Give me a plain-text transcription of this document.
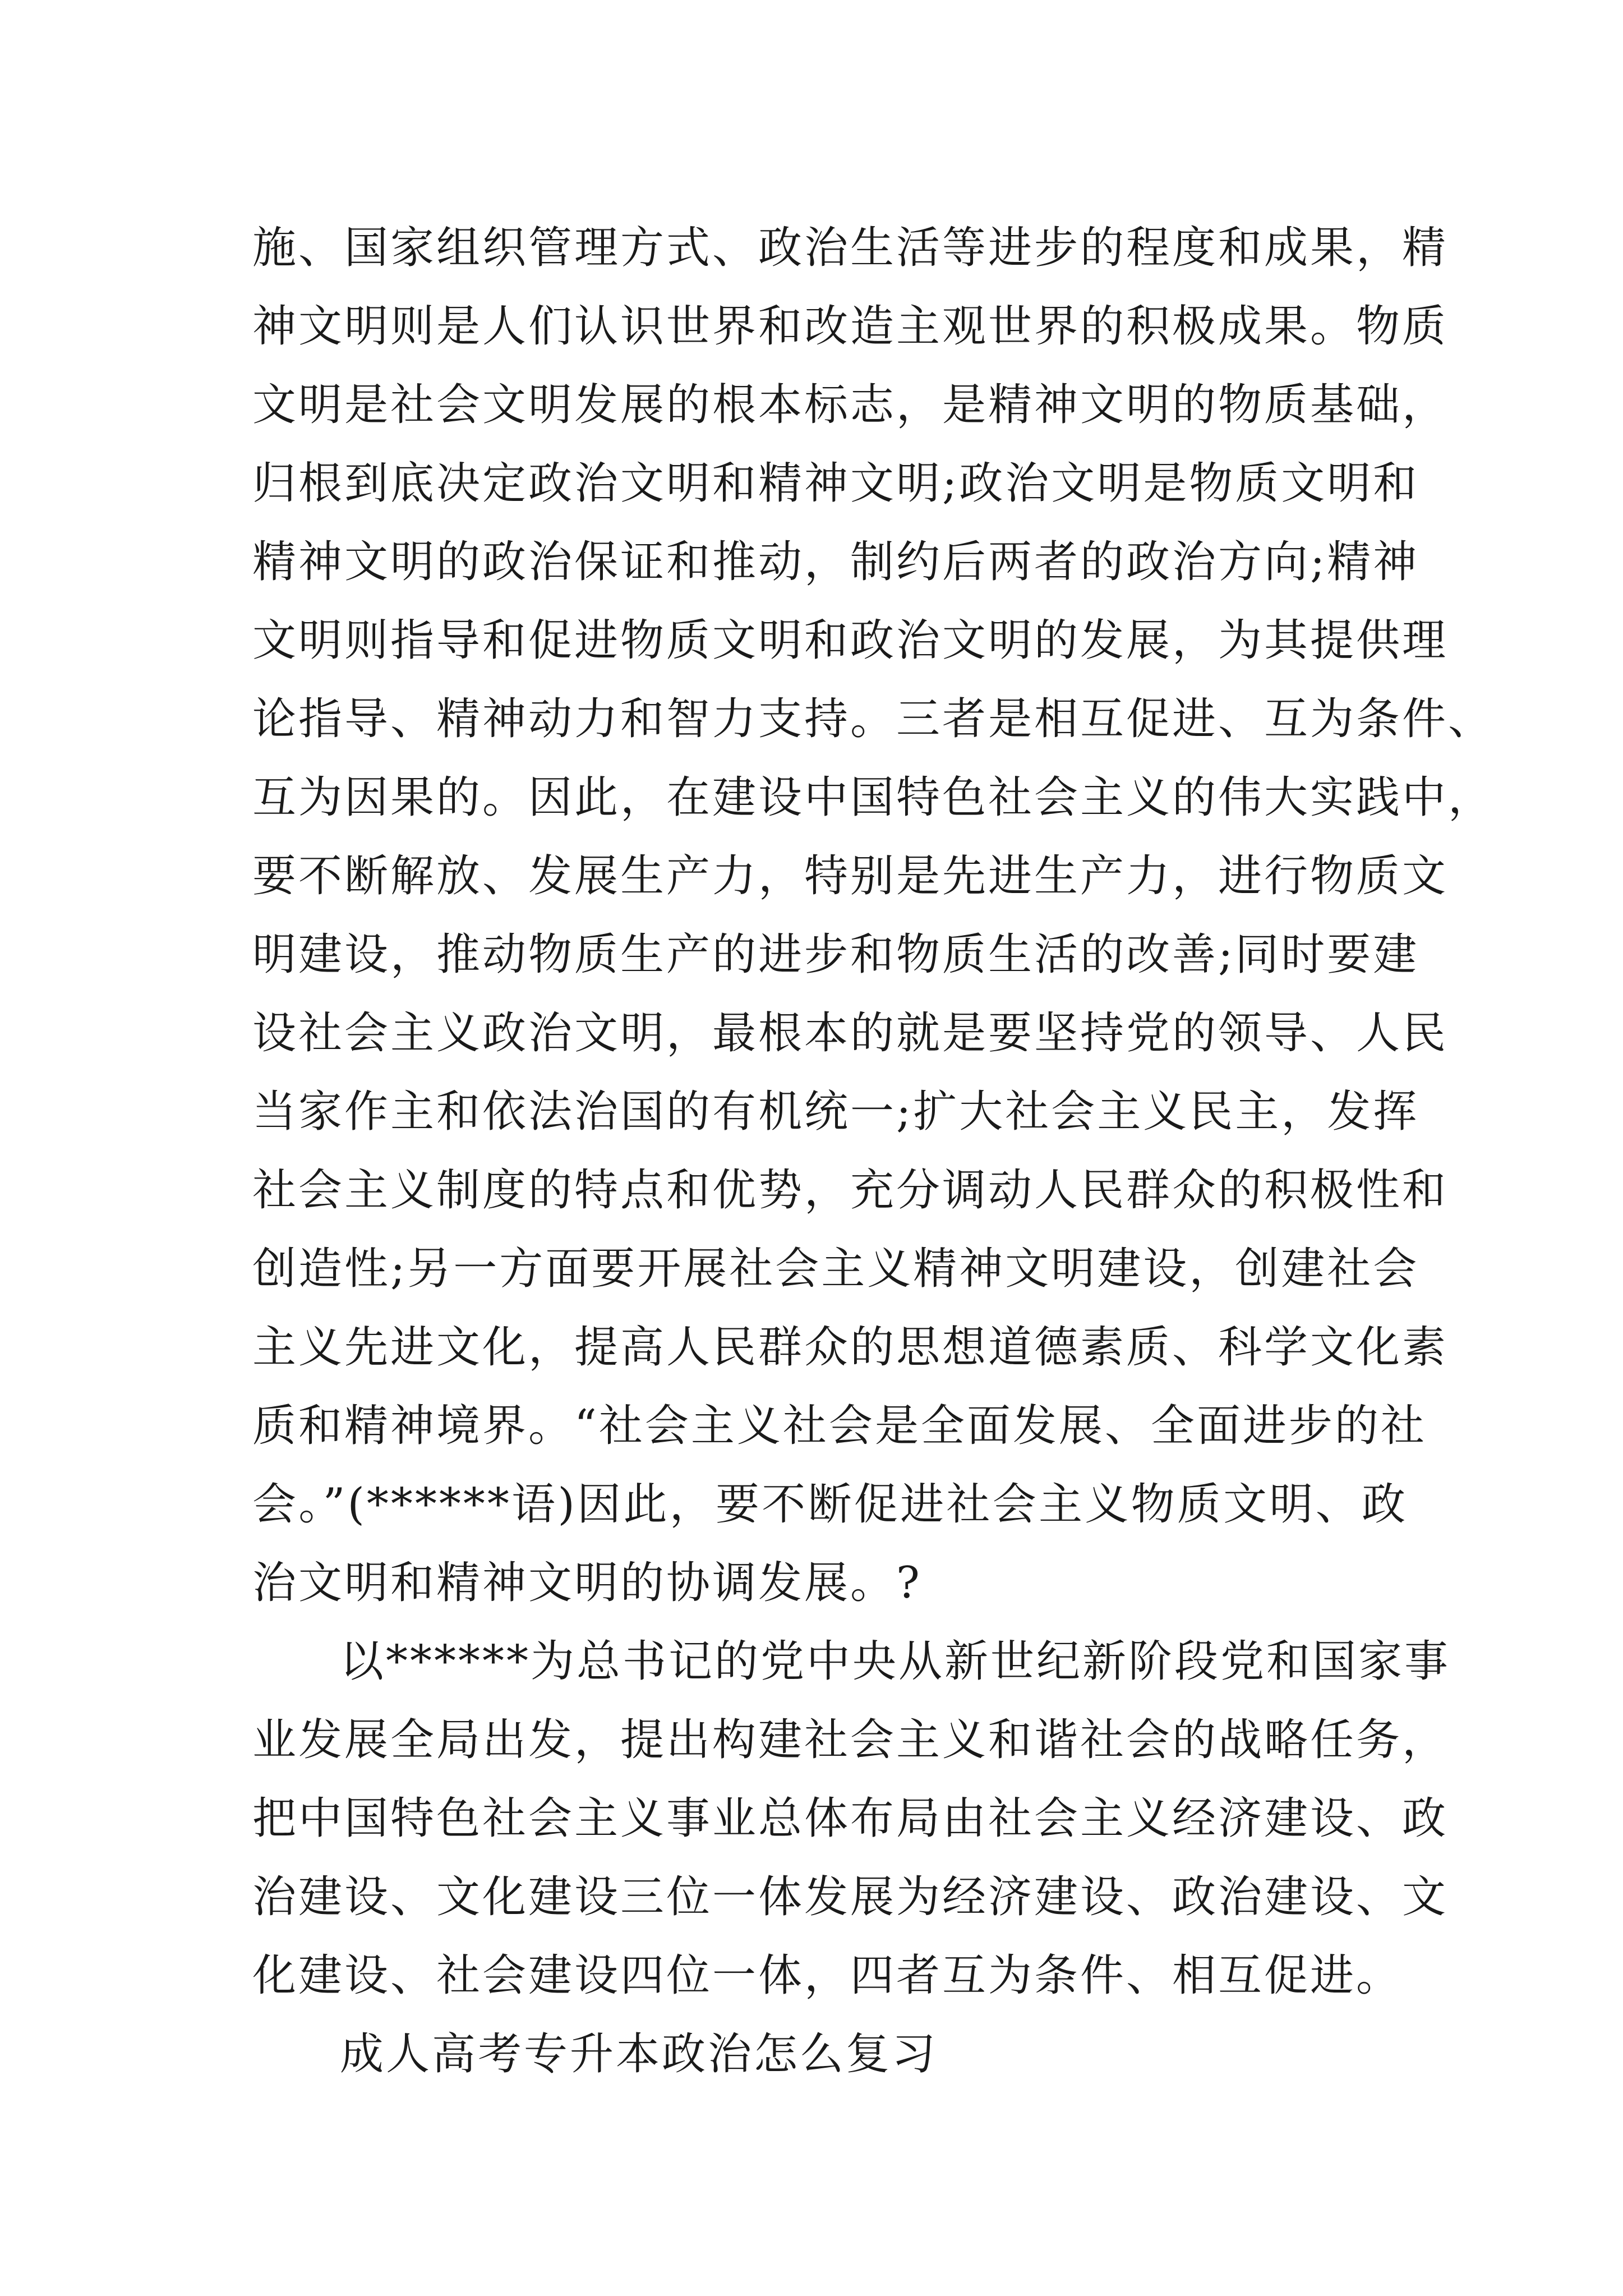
施、国家组织管理方式、政治生活等进步的程度和成果，精
神文明则是人们认识世界和改造主观世界的积极成果。物质
文明是社会文明发展的根本标志，是精神文明的物质基础，
归根到底决定政治文明和精神文明;政治文明是物质文明和
精神文明的政治保证和推动，制约后两者的政治方向;精神
文明则指导和促进物质文明和政治文明的发展，为其提供理
论指导、精神动力和智力支持。三者是相互促进、互为条件、
互为因果的。因此，在建设中国特色社会主义的伟大实践中，
要不断解放、发展生产力，特别是先进生产力，进行物质文
明建设，推动物质生产的进步和物质生活的改善;同时要建
设社会主义政治文明，最根本的就是要坚持党的领导、人民
当家作主和依法治国的有机统一;扩大社会主义民主，发挥
社会主义制度的特点和优势，充分调动人民群众的积极性和
创造性;另一方面要开展社会主义精神文明建设，创建社会
主义先进文化，提高人民群众的思想道德素质、科学文化素
质和精神境界。“社会主义社会是全面发展、全面进步的社
会。”(******语)因此，要不断促进社会主义物质文明、政
治文明和精神文明的协调发展。?
以******为总书记的党中央从新世纪新阶段党和国家事
业发展全局出发，提出构建社会主义和谐社会的战略任务，
把中国特色社会主义事业总体布局由社会主义经济建设、政
治建设、文化建设三位一体发展为经济建设、政治建设、文
化建设、社会建设四位一体，四者互为条件、相互促进。
成人高考专升本政治怎么复习
